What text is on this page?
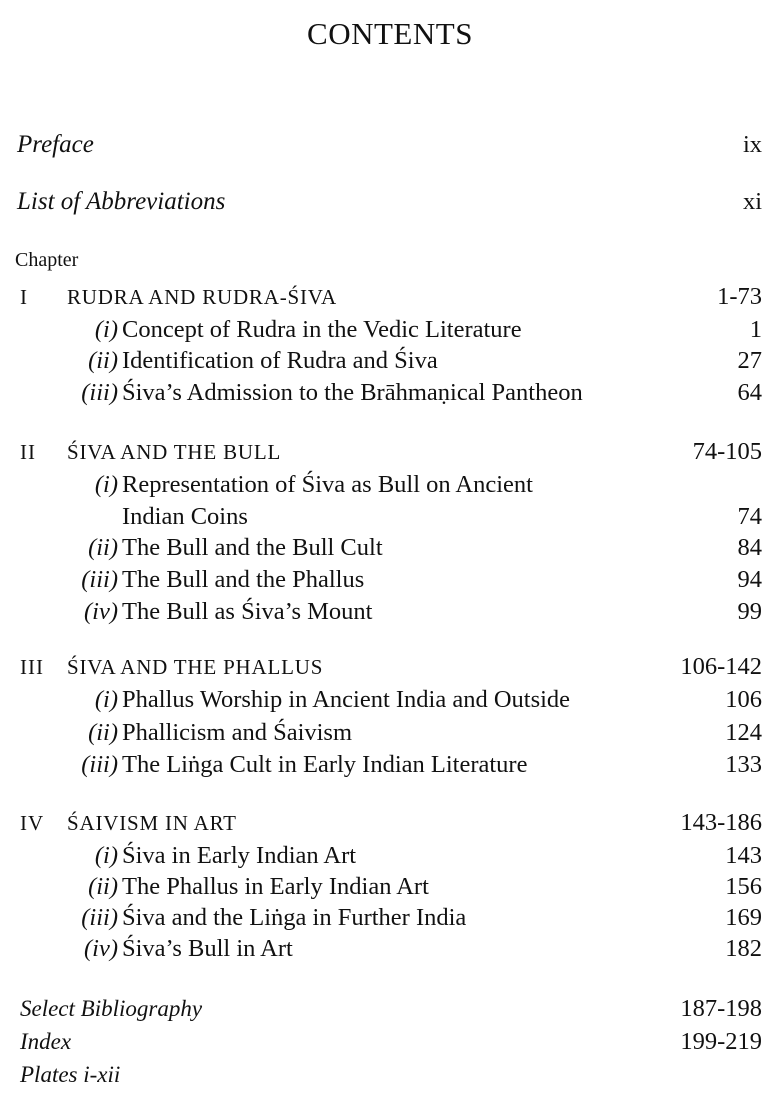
CONTENTS
Preface	ix
List of Abbreviations	xi
Chapter
I RUDRA AND RUDRA-ŚIVA	1-73
(i) Concept of Rudra in the Vedic Literature	1
(ii) Identification of Rudra and Śiva	27
(iii) Śiva’s Admission to the Brāhmaṇical Pantheon	64
II ŚIVA AND THE BULL	74-105
(i) Representation of Śiva as Bull on Ancient
Indian Coins	74
(ii) The Bull and the Bull Cult	84
(iii) The Bull and the Phallus	94
(iv) The Bull as Śiva’s Mount	99
III ŚIVA AND THE PHALLUS	106-142
(i) Phallus Worship in Ancient India and Outside	106
(ii) Phallicism and Śaivism	124
(iii) The Liṅga Cult in Early Indian Literature	133
IV ŚAIVISM IN ART	143-186
(i) Śiva in Early Indian Art	143
(ii) The Phallus in Early Indian Art	156
(iii) Śiva and the Liṅga in Further India	169
(iv) Śiva’s Bull in Art	182
Select Bibliography	187-198
Index	199-219
Plates i-xii
